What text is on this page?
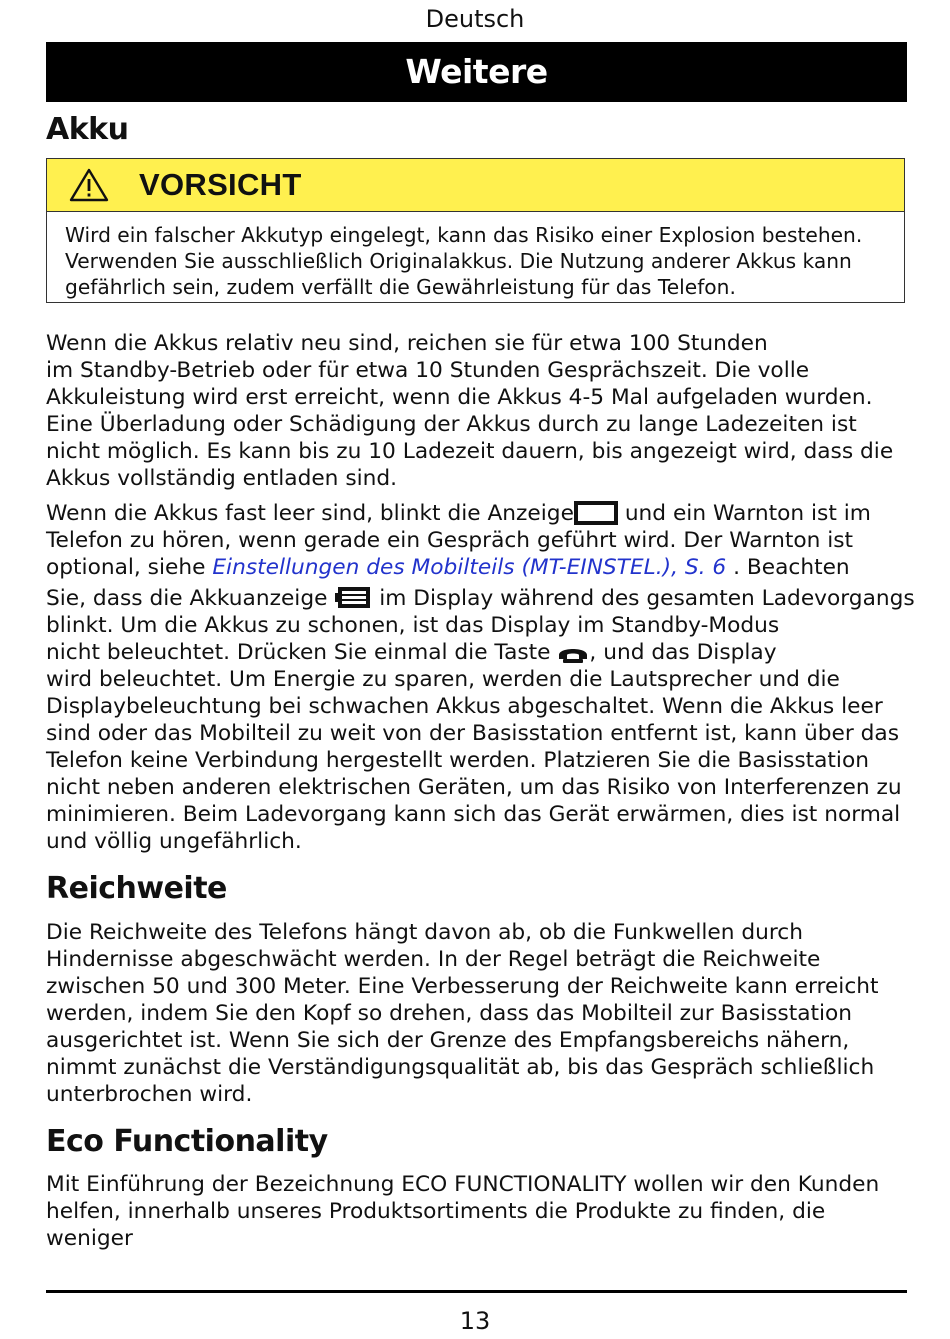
Deutsch
Weitere
Akku
VORSICHT
Wird ein falscher Akkutyp eingelegt, kann das Risiko einer Explosion bestehen.
Verwenden Sie ausschließlich Originalakkus. Die Nutzung anderer Akkus kann
gefährlich sein, zudem verfällt die Gewährleistung für das Telefon.
Wenn die Akkus relativ neu sind, reichen sie für etwa 100 Stunden
im Standby-Betrieb oder für etwa 10 Stunden Gesprächszeit. Die volle
Akkuleistung wird erst erreicht, wenn die Akkus 4-5 Mal aufgeladen wurden.
Eine Überladung oder Schädigung der Akkus durch zu lange Ladezeiten ist
nicht möglich. Es kann bis zu 10 Ladezeit dauern, bis angezeigt wird, dass die
Akkus vollständig entladen sind.
Wenn die Akkus fast leer sind, blinkt die Anzeige und ein Warnton ist im
Telefon zu hören, wenn gerade ein Gespräch geführt wird. Der Warnton ist
optional, siehe Einstellungen des Mobilteils (MT-EINSTEL.), S. 6 . Beachten
Sie, dass die Akkuanzeige  im Display während des gesamten Ladevorgangs
blinkt. Um die Akkus zu schonen, ist das Display im Standby-Modus
nicht beleuchtet. Drücken Sie einmal die Taste , und das Display
wird beleuchtet. Um Energie zu sparen, werden die Lautsprecher und die
Displaybeleuchtung bei schwachen Akkus abgeschaltet. Wenn die Akkus leer
sind oder das Mobilteil zu weit von der Basisstation entfernt ist, kann über das
Telefon keine Verbindung hergestellt werden. Platzieren Sie die Basisstation
nicht neben anderen elektrischen Geräten, um das Risiko von Interferenzen zu
minimieren. Beim Ladevorgang kann sich das Gerät erwärmen, dies ist normal
und völlig ungefährlich.
Reichweite
Die Reichweite des Telefons hängt davon ab, ob die Funkwellen durch
Hindernisse abgeschwächt werden. In der Regel beträgt die Reichweite
zwischen 50 und 300 Meter. Eine Verbesserung der Reichweite kann erreicht
werden, indem Sie den Kopf so drehen, dass das Mobilteil zur Basisstation
ausgerichtet ist. Wenn Sie sich der Grenze des Empfangsbereichs nähern,
nimmt zunächst die Verständigungsqualität ab, bis das Gespräch schließlich
unterbrochen wird.
Eco Functionality
Mit Einführung der Bezeichnung ECO FUNCTIONALITY wollen wir den Kunden
helfen, innerhalb unseres Produktsortiments die Produkte zu finden, die weniger
13
